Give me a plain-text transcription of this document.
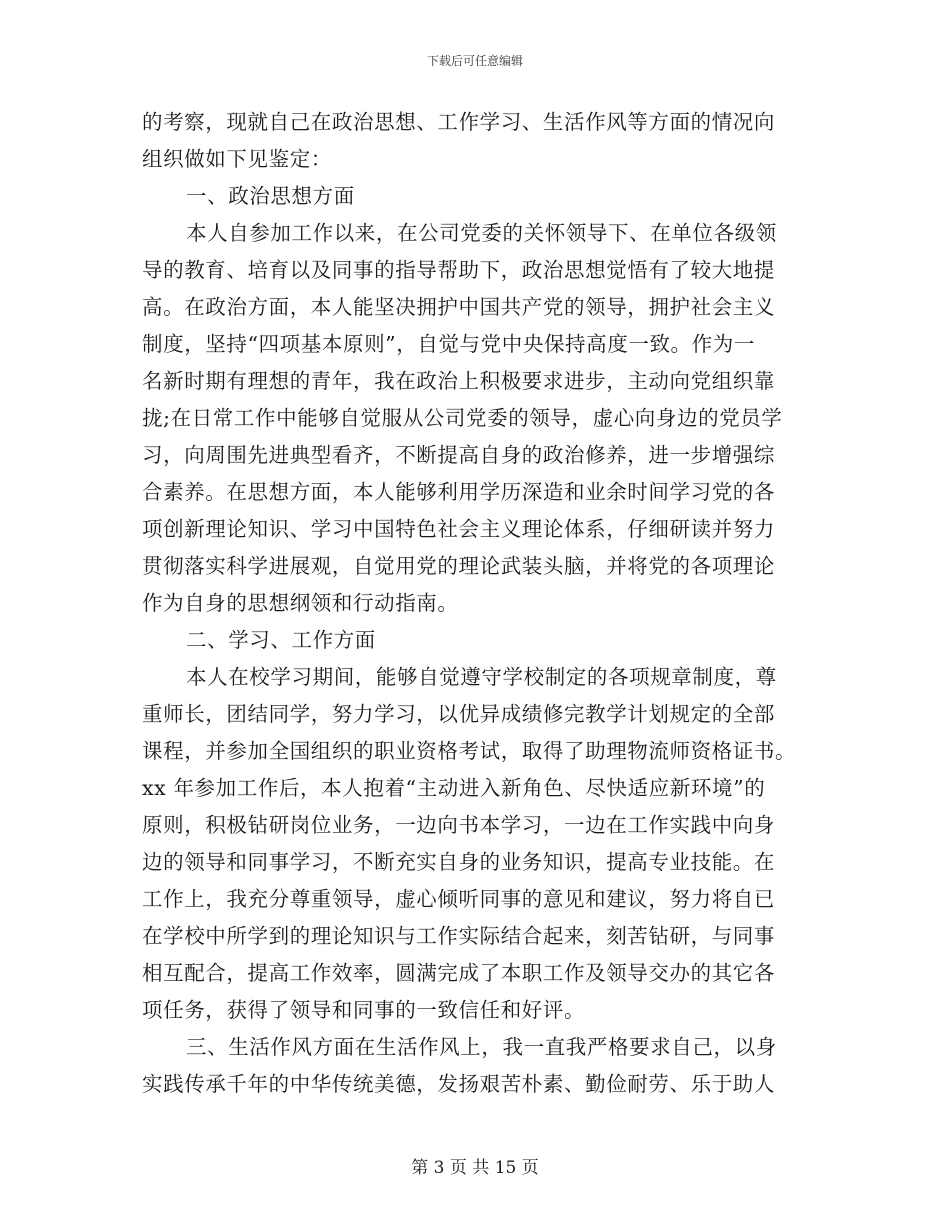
下载后可任意编辑
的考察，现就自己在政治思想、工作学习、生活作风等方面的情况向
组织做如下见鉴定：
一、政治思想方面
本人自参加工作以来，在公司党委的关怀领导下、在单位各级领
导的教育、培育以及同事的指导帮助下，政治思想觉悟有了较大地提
高。在政治方面，本人能坚决拥护中国共产党的领导，拥护社会主义
制度，坚持“四项基本原则”，自觉与党中央保持高度一致。作为一
名新时期有理想的青年，我在政治上积极要求进步，主动向党组织靠
拢;在日常工作中能够自觉服从公司党委的领导，虚心向身边的党员学
习，向周围先进典型看齐，不断提高自身的政治修养，进一步增强综
合素养。在思想方面，本人能够利用学历深造和业余时间学习党的各
项创新理论知识、学习中国特色社会主义理论体系，仔细研读并努力
贯彻落实科学进展观，自觉用党的理论武装头脑，并将党的各项理论
作为自身的思想纲领和行动指南。
二、学习、工作方面
本人在校学习期间，能够自觉遵守学校制定的各项规章制度，尊
重师长，团结同学，努力学习，以优异成绩修完教学计划规定的全部
课程，并参加全国组织的职业资格考试，取得了助理物流师资格证书。
xx 年参加工作后，本人抱着“主动进入新角色、尽快适应新环境”的
原则，积极钻研岗位业务，一边向书本学习，一边在工作实践中向身
边的领导和同事学习，不断充实自身的业务知识，提高专业技能。在
工作上，我充分尊重领导，虚心倾听同事的意见和建议，努力将自已
在学校中所学到的理论知识与工作实际结合起来，刻苦钻研，与同事
相互配合，提高工作效率，圆满完成了本职工作及领导交办的其它各
项任务，获得了领导和同事的一致信任和好评。
三、生活作风方面在生活作风上，我一直我严格要求自己，以身
实践传承千年的中华传统美德，发扬艰苦朴素、勤俭耐劳、乐于助人
第 3 页 共 15 页
